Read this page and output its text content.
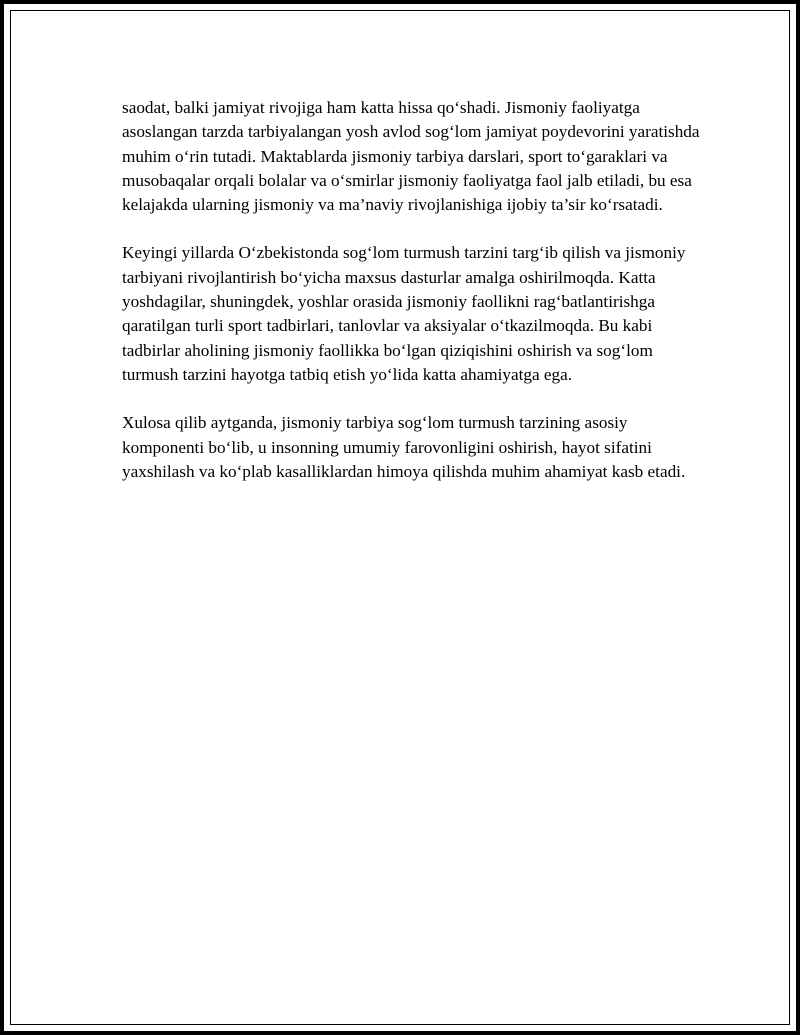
saodat, balki jamiyat rivojiga ham katta hissa qo‘shadi. Jismoniy faoliyatga asoslangan tarzda tarbiyalangan yosh avlod sog‘lom jamiyat poydevorini yaratishda muhim o‘rin tutadi. Maktablarda jismoniy tarbiya darslari, sport to‘garaklari va musobaqalar orqali bolalar va o‘smirlar jismoniy faoliyatga faol jalb etiladi, bu esa kelajakda ularning jismoniy va ma’naviy rivojlanishiga ijobiy ta’sir ko‘rsatadi.

Keyingi yillarda O‘zbekistonda sog‘lom turmush tarzini targ‘ib qilish va jismoniy tarbiyani rivojlantirish bo‘yicha maxsus dasturlar amalga oshirilmoqda. Katta yoshdagilar, shuningdek, yoshlar orasida jismoniy faollikni rag‘batlantirishga qaratilgan turli sport tadbirlari, tanlovlar va aksiyalar o‘tkazilmoqda. Bu kabi tadbirlar aholining jismoniy faollikka bo‘lgan qiziqishini oshirish va sog‘lom turmush tarzini hayotga tatbiq etish yo‘lida katta ahamiyatga ega.

Xulosa qilib aytganda, jismoniy tarbiya sog‘lom turmush tarzining asosiy komponenti bo‘lib, u insonning umumiy farovonligini oshirish, hayot sifatini yaxshilash va ko‘plab kasalliklardan himoya qilishda muhim ahamiyat kasb etadi.
